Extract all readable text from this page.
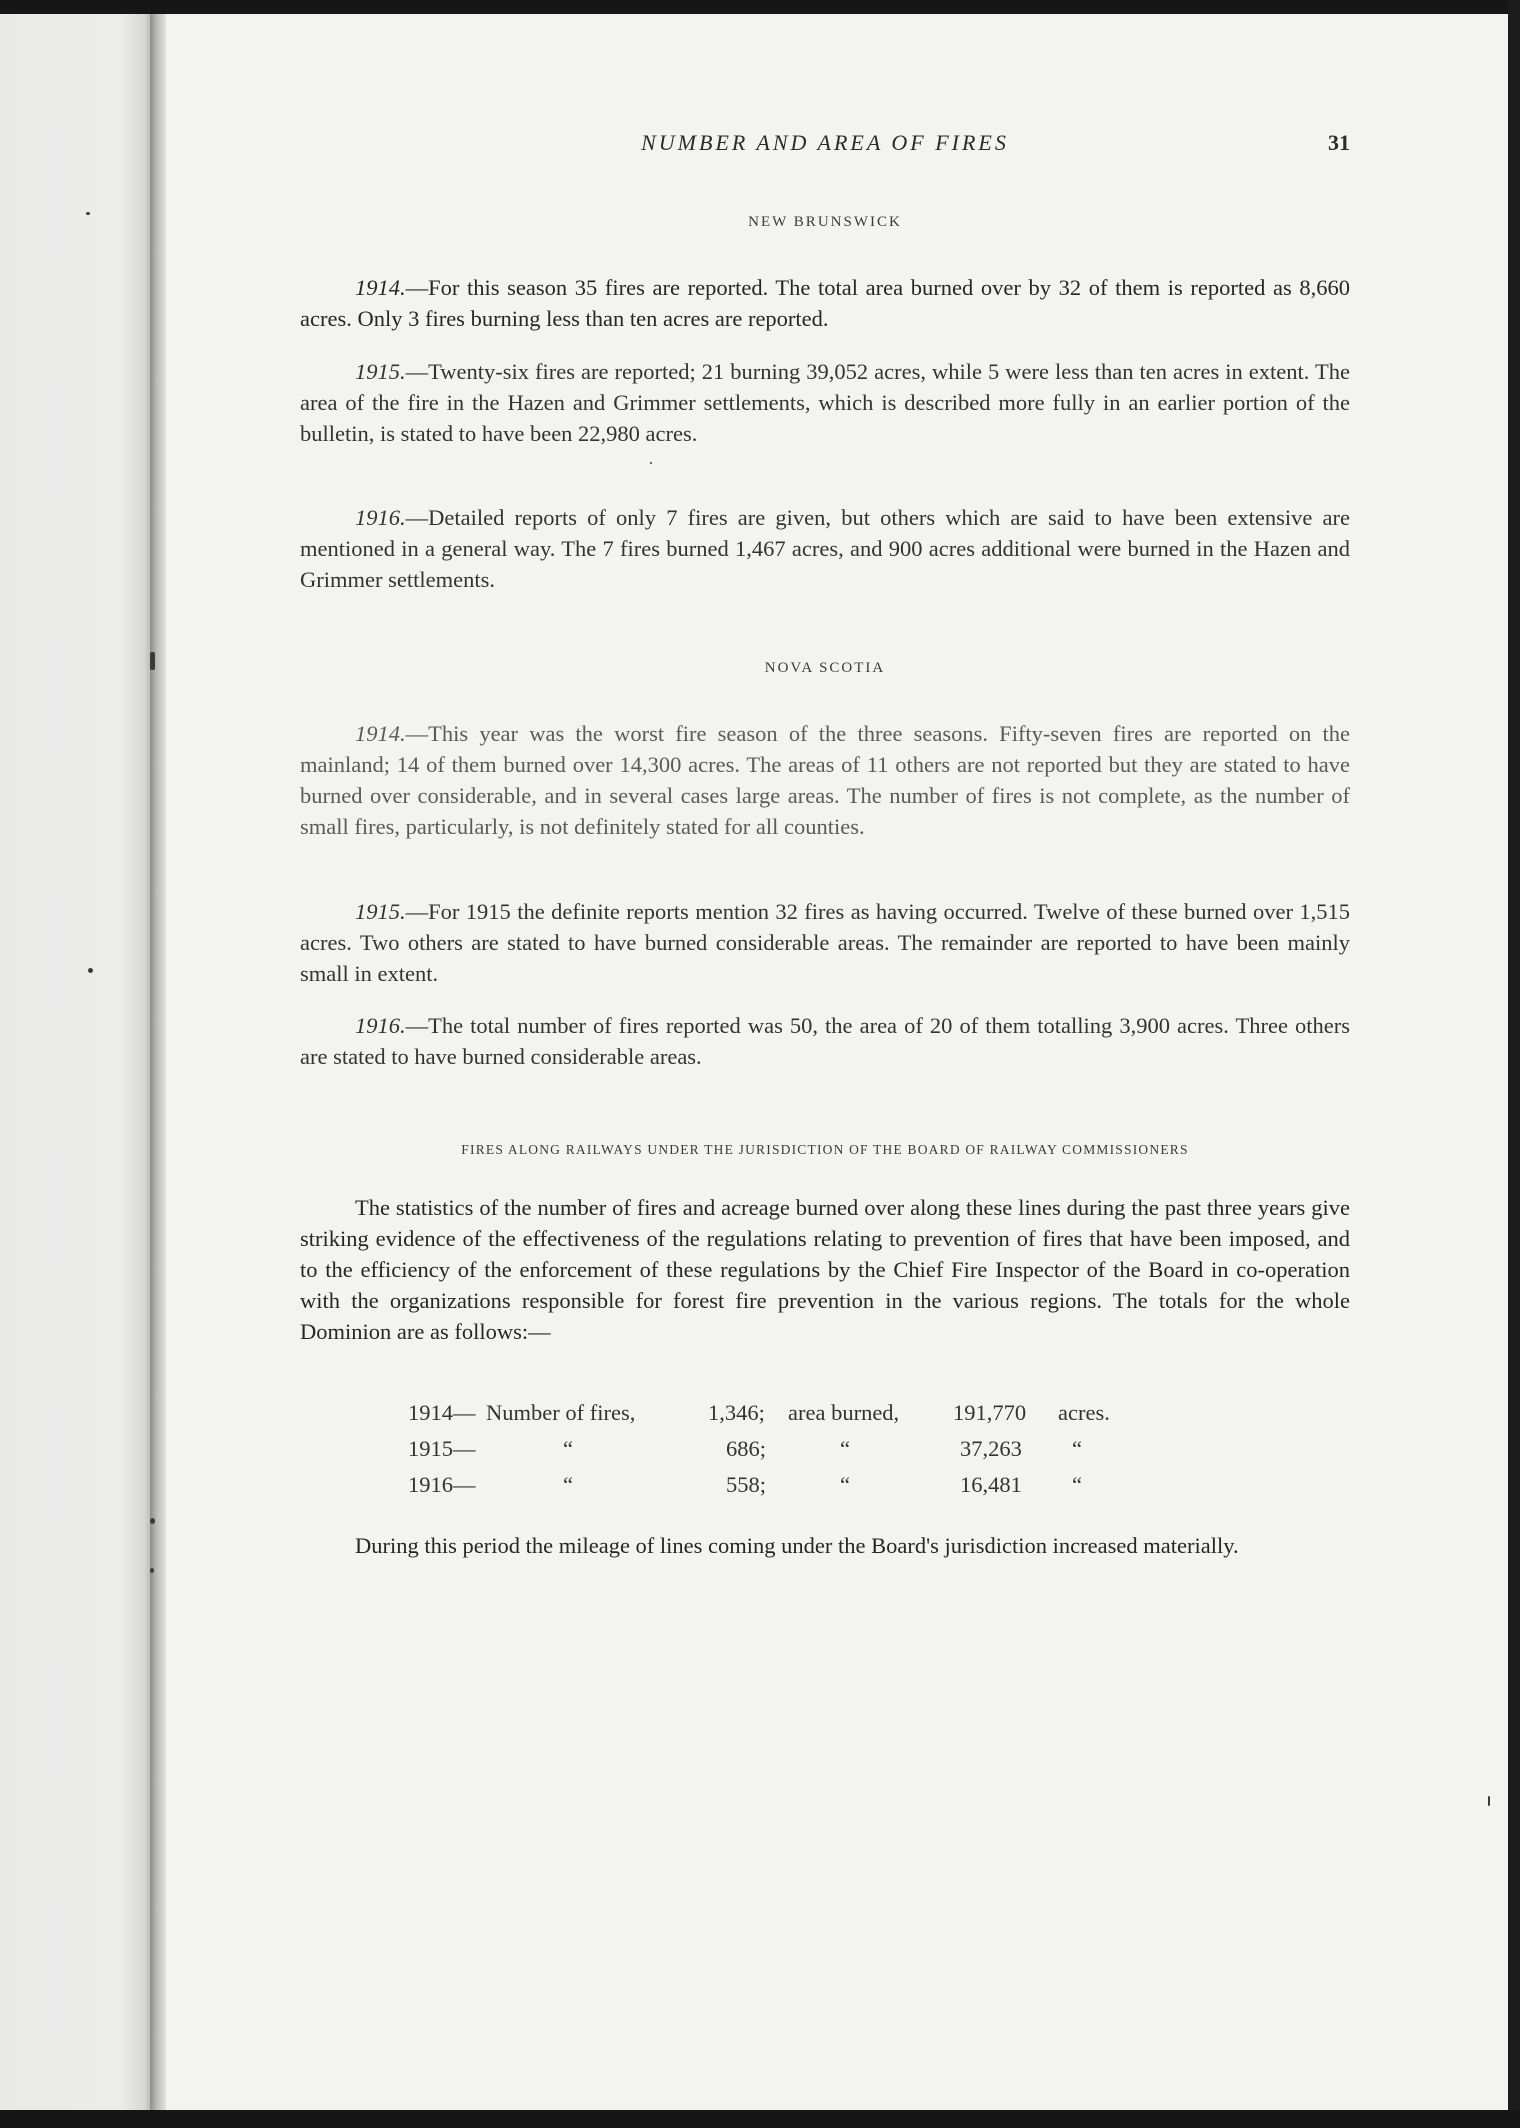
NUMBER AND AREA OF FIRES	31
NEW BRUNSWICK

1914.—For this season 35 fires are reported. The total area burned over by 32 of them is reported as 8,660 acres. Only 3 fires burning less than ten acres are reported.

1915.—Twenty-six fires are reported; 21 burning 39,052 acres, while 5 were less than ten acres in extent. The area of the fire in the Hazen and Grimmer settlements, which is described more fully in an earlier portion of the bulletin, is stated to have been 22,980 acres.

1916.—Detailed reports of only 7 fires are given, but others which are said to have been extensive are mentioned in a general way. The 7 fires burned 1,467 acres, and 900 acres additional were burned in the Hazen and Grimmer settlements.

NOVA SCOTIA

1914.—This year was the worst fire season of the three seasons. Fifty-seven fires are reported on the mainland; 14 of them burned over 14,300 acres. The areas of 11 others are not reported but they are stated to have burned over considerable, and in several cases large areas. The number of fires is not complete, as the number of small fires, particularly, is not definitely stated for all counties.

1915.—For 1915 the definite reports mention 32 fires as having occurred. Twelve of these burned over 1,515 acres. Two others are stated to have burned considerable areas. The remainder are reported to have been mainly small in extent.

1916.—The total number of fires reported was 50, the area of 20 of them totalling 3,900 acres. Three others are stated to have burned considerable areas.

FIRES ALONG RAILWAYS UNDER THE JURISDICTION OF THE BOARD OF RAILWAY COMMISSIONERS

The statistics of the number of fires and acreage burned over along these lines during the past three years give striking evidence of the effectiveness of the regulations relating to prevention of fires that have been imposed, and to the efficiency of the enforcement of these regulations by the Chief Fire Inspector of the Board in co-operation with the organizations responsible for forest fire prevention in the various regions. The totals for the whole Dominion are as follows:—

1914— Number of fires,	1,346; area burned, 191,770 acres.
1915—	“	686;	“	37,263 “
1916—	“	558;	“	16,481 “

During this period the mileage of lines coming under the Board's jurisdiction increased materially.
